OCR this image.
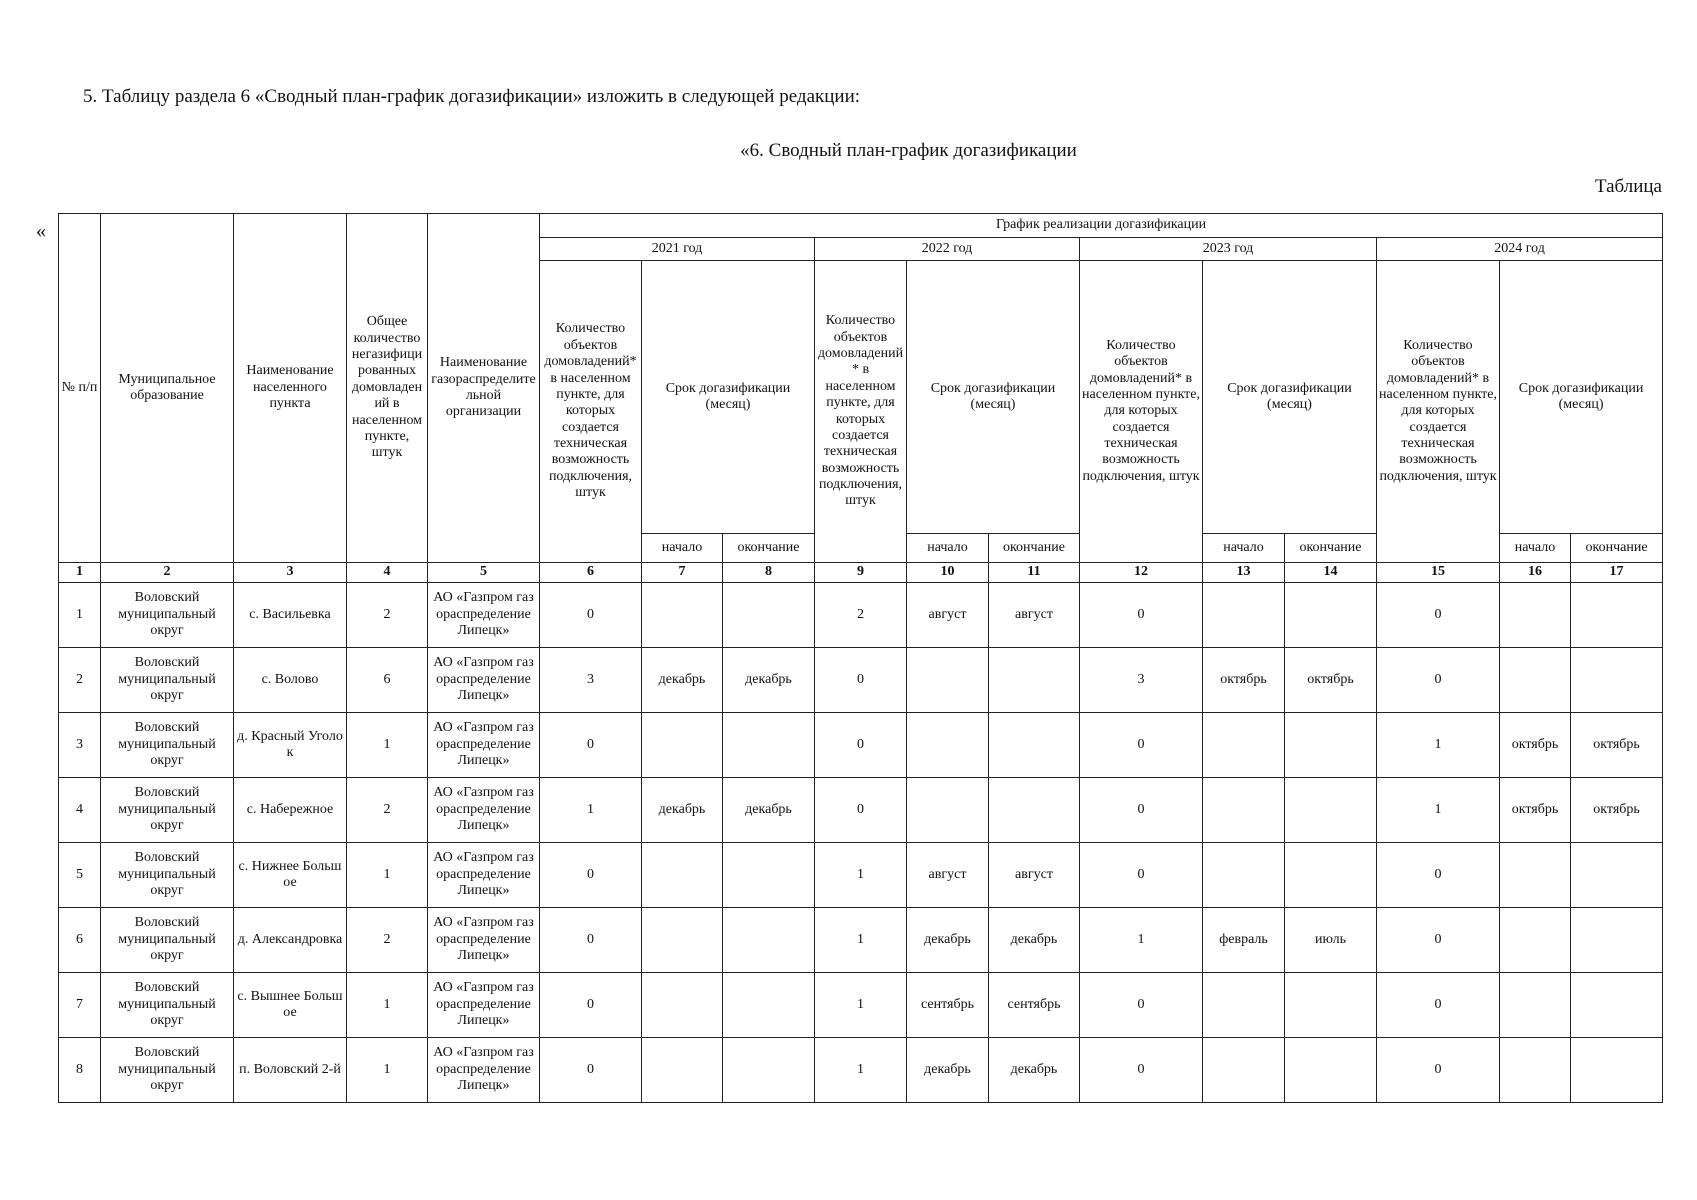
5. Таблицу раздела 6 «Сводный план-график догазификации» изложить в следующей редакции:
«6. Сводный план-график догазификации
Таблица
«
№ п/п	Муниципальное образование	Наименование населенного пункта	Общее количество негазифицированных домовладений в населенном пункте, штук	Наименование газораспределительной организации	График реализации догазификации											
					2021 год			2022 год			2023 год			2024 год		
					Количество объектов домовладений* в населенном пункте, для которых создается техническая возможность подключения, штук	Срок догазификации (месяц)		Количество объектов домовладений* в населенном пункте, для которых создается техническая возможность подключения, штук	Срок догазификации (месяц)		Количество объектов домовладений* в населенном пункте, для которых создается техническая возможность подключения, штук	Срок догазификации (месяц)		Количество объектов домовладений* в населенном пункте, для которых создается техническая возможность подключения, штук	Срок догазификации (месяц)	
						начало	окончание		начало	окончание		начало	окончание		начало	окончание
1	2	3	4	5	6	7	8	9	10	11	12	13	14	15	16	17
1	Воловский муниципальный округ	с. Васильевка	2	АО «Газпром газораспределение Липецк»	0			2	август	август	0			0		
2	Воловский муниципальный округ	с. Волово	6	АО «Газпром газораспределение Липецк»	3	декабрь	декабрь	0			3	октябрь	октябрь	0		
3	Воловский муниципальный округ	д. Красный Уголок	1	АО «Газпром газораспределение Липецк»	0			0			0			1	октябрь	октябрь
4	Воловский муниципальный округ	с. Набережное	2	АО «Газпром газораспределение Липецк»	1	декабрь	декабрь	0			0			1	октябрь	октябрь
5	Воловский муниципальный округ	с. Нижнее Большое	1	АО «Газпром газораспределение Липецк»	0			1	август	август	0			0		
6	Воловский муниципальный округ	д. Александровка	2	АО «Газпром газораспределение Липецк»	0			1	декабрь	декабрь	1	февраль	июль	0		
7	Воловский муниципальный округ	с. Вышнее Большое	1	АО «Газпром газораспределение Липецк»	0			1	сентябрь	сентябрь	0			0		
8	Воловский муниципальный округ	п. Воловский 2-й	1	АО «Газпром газораспределение Липецк»	0			1	декабрь	декабрь	0			0		
